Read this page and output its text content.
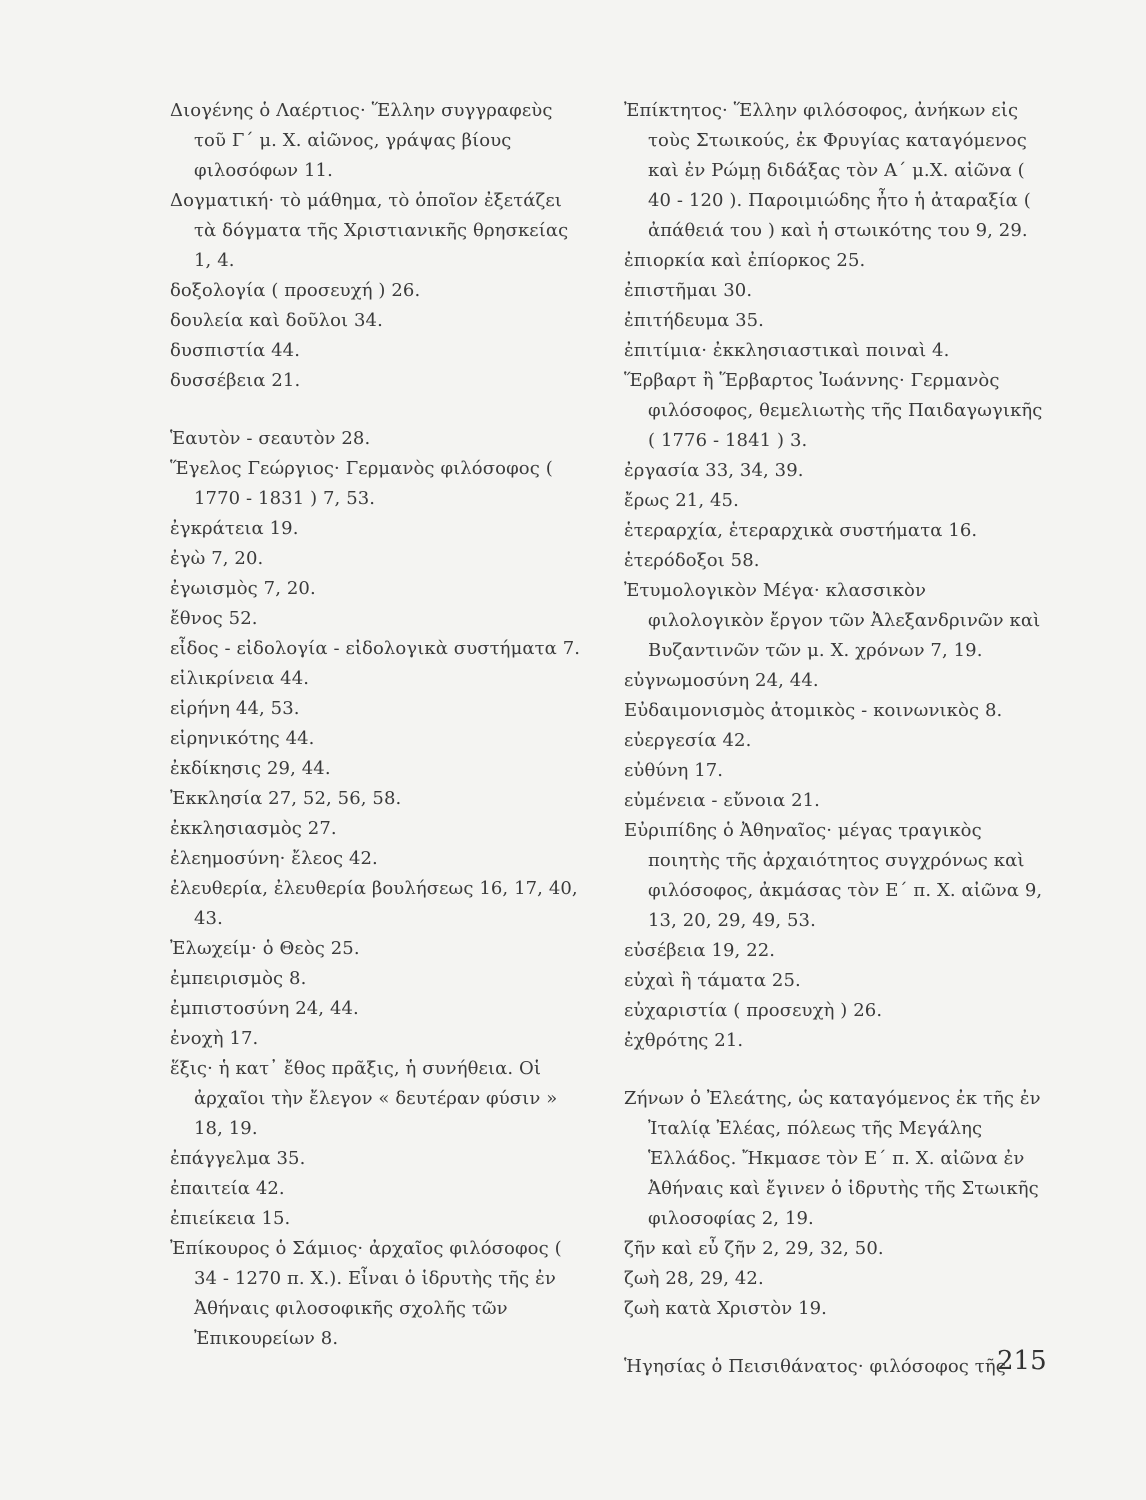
Διογένης ὁ Λαέρτιος· Ἕλλην συγγραφεὺς τοῦ Γ´ μ. Χ. αἰῶνος, γράψας βίους φιλοσόφων 11.
Δογματική· τὸ μάθημα, τὸ ὁποῖον ἐξετάζει τὰ δόγματα τῆς Χριστιανικῆς θρησκείας 1, 4.
δοξολογία ( προσευχή ) 26.
δουλεία καὶ δοῦλοι 34.
δυσπιστία 44.
δυσσέβεια 21.
Ἑαυτὸν - σεαυτὸν 28.
Ἕγελος Γεώργιος· Γερμανὸς φιλόσοφος ( 1770 - 1831 ) 7, 53.
ἐγκράτεια 19.
ἐγὼ 7, 20.
ἐγωισμὸς 7, 20.
ἔθνος 52.
εἶδος - εἰδολογία - εἰδολογικὰ συστήματα 7.
εἰλικρίνεια 44.
εἰρήνη 44, 53.
εἰρηνικότης 44.
ἐκδίκησις 29, 44.
Ἐκκλησία 27, 52, 56, 58.
ἐκκλησιασμὸς 27.
ἐλεημοσύνη· ἔλεος 42.
ἐλευθερία, ἐλευθερία βουλήσεως 16, 17, 40, 43.
Ἐλωχείμ· ὁ Θεὸς 25.
ἐμπειρισμὸς 8.
ἐμπιστοσύνη 24, 44.
ἐνοχὴ 17.
ἕξις· ἡ κατ᾽ ἔθος πρᾶξις, ἡ συνήθεια. Οἱ ἀρχαῖοι τὴν ἔλεγον « δευτέραν φύσιν » 18, 19.
ἐπάγγελμα 35.
ἐπαιτεία 42.
ἐπιείκεια 15.
Ἐπίκουρος ὁ Σάμιος· ἀρχαῖος φιλόσοφος ( 34 - 1270 π. Χ.). Εἶναι ὁ ἱδρυτὴς τῆς ἐν Ἀθήναις φιλοσοφικῆς σχολῆς τῶν Ἐπικουρείων 8.
Ἐπίκτητος· Ἕλλην φιλόσοφος, ἀνήκων εἰς τοὺς Στωικούς, ἐκ Φρυγίας καταγόμενος καὶ ἐν Ρώμῃ διδάξας τὸν Α´ μ.Χ. αἰῶνα ( 40 - 120 ). Παροιμιώδης ἦτο ἡ ἀταραξία ( ἀπάθειά του ) καὶ ἡ στωικότης του 9, 29.
ἐπιορκία καὶ ἐπίορκος 25.
ἐπιστῆμαι 30.
ἐπιτήδευμα 35.
ἐπιτίμια· ἐκκλησιαστικαὶ ποιναὶ 4.
Ἕρβαρτ ἢ Ἕρβαρτος Ἰωάννης· Γερμανὸς φιλόσοφος, θεμελιωτὴς τῆς Παιδαγωγικῆς ( 1776 - 1841 ) 3.
ἐργασία 33, 34, 39.
ἔρως 21, 45.
ἑτεραρχία, ἑτεραρχικὰ συστήματα 16.
ἑτερόδοξοι 58.
Ἐτυμολογικὸν Μέγα· κλασσικὸν φιλολογικὸν ἔργον τῶν Ἀλεξανδρινῶν καὶ Βυζαντινῶν τῶν μ. Χ. χρόνων 7, 19.
εὐγνωμοσύνη 24, 44.
Εὐδαιμονισμὸς ἀτομικὸς - κοινωνικὸς 8.
εὐεργεσία 42.
εὐθύνη 17.
εὐμένεια - εὔνοια 21.
Εὐριπίδης ὁ Ἀθηναῖος· μέγας τραγικὸς ποιητὴς τῆς ἀρχαιότητος συγχρόνως καὶ φιλόσοφος, ἀκμάσας τὸν Ε´ π. Χ. αἰῶνα 9, 13, 20, 29, 49, 53.
εὐσέβεια 19, 22.
εὐχαὶ ἢ τάματα 25.
εὐχαριστία ( προσευχὴ ) 26.
ἐχθρότης 21.
Ζήνων ὁ Ἐλεάτης, ὡς καταγόμενος ἐκ τῆς ἐν Ἰταλίᾳ Ἐλέας, πόλεως τῆς Μεγάλης Ἑλλάδος. Ἤκμασε τὸν Ε´ π. Χ. αἰῶνα ἐν Ἀθήναις καὶ ἔγινεν ὁ ἱδρυτὴς τῆς Στωικῆς φιλοσοφίας 2, 19.
ζῆν καὶ εὖ ζῆν 2, 29, 32, 50.
ζωὴ 28, 29, 42.
ζωὴ κατὰ Χριστὸν 19.
Ἡγησίας ὁ Πεισιθάνατος· φιλόσοφος τῆς
215
